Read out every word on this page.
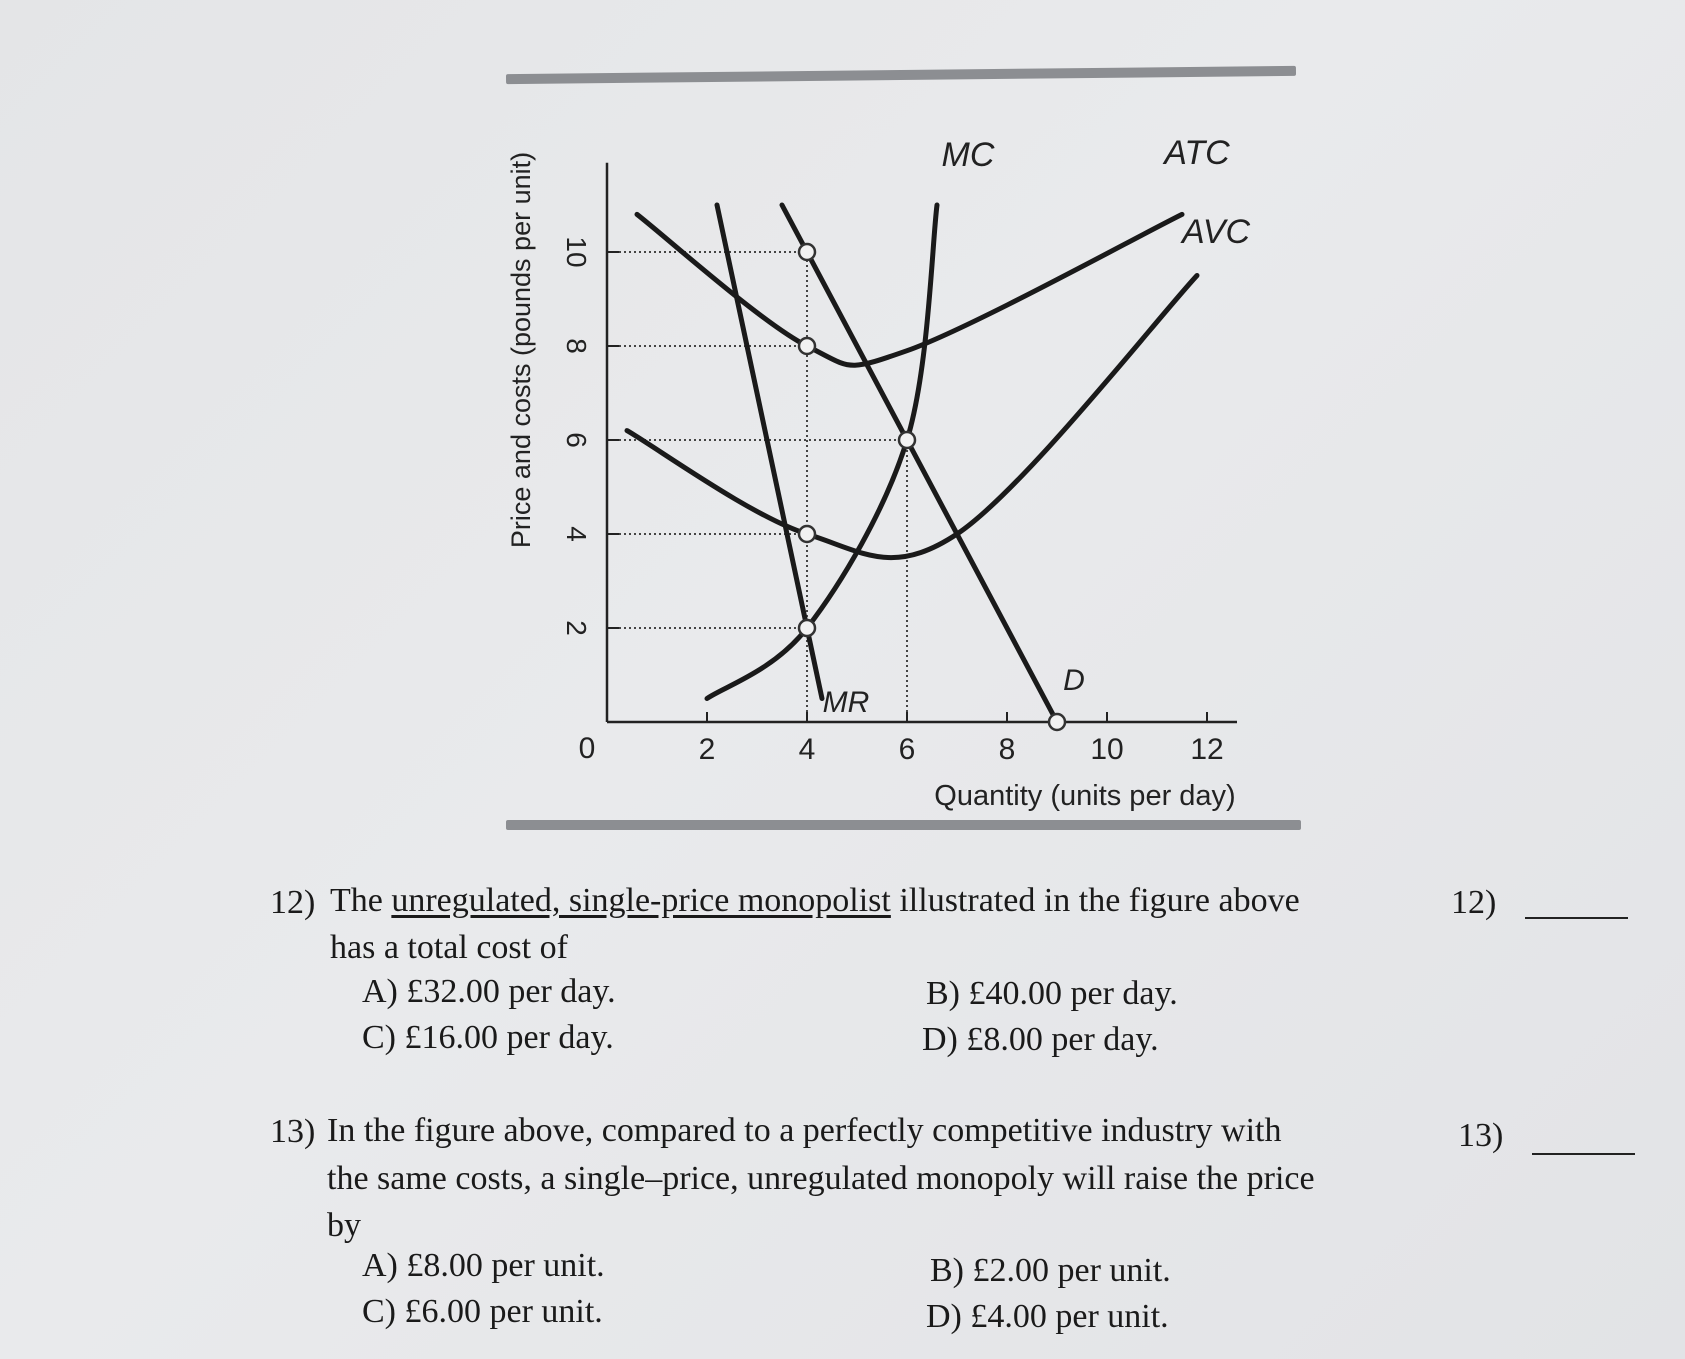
0	2	4	6	8 10 12
2
4
6
8
10
MC	ATC
AVC
MR
D
Price and costs (pounds per unit)
Quantity (units per day)
12) The unregulated, single-price monopolist illustrated in the figure above
has a total cost of
12)
A) £32.00 per day.	B) £40.00 per day.
C) £16.00 per day.	D) £8.00 per day.
13) In the figure above, compared to a perfectly competitive industry with
the same costs, a single–price, unregulated monopoly will raise the price
by
13)
A) £8.00 per unit.	B) £2.00 per unit.
C) £6.00 per unit.	D) £4.00 per unit.
